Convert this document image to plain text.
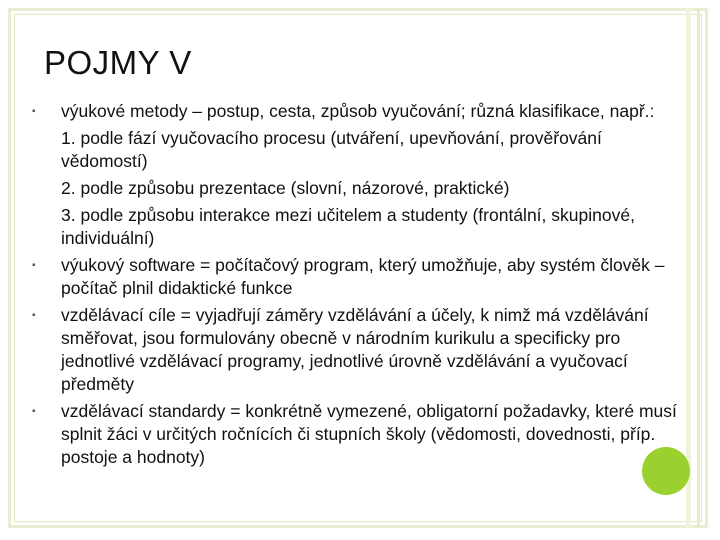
POJMY V
▪ výukové metody – postup, cesta, způsob vyučování; různá klasifikace, např.:
1. podle fází vyučovacího procesu (utváření, upevňování, prověřování vědomostí)
2. podle způsobu prezentace (slovní, názorové, praktické)
3. podle způsobu interakce mezi učitelem a studenty (frontální, skupinové, individuální)
▪ výukový software = počítačový program, který umožňuje, aby systém člověk – počítač plnil didaktické funkce
▪ vzdělávací cíle = vyjadřují záměry vzdělávání a účely, k nimž má vzdělávání směřovat, jsou formulovány obecně v národním kurikulu a specificky pro jednotlivé vzdělávací programy, jednotlivé úrovně vzdělávání a vyučovací předměty
▪ vzdělávací standardy = konkrétně vymezené, obligatorní požadavky, které musí splnit žáci v určitých ročnících či stupních školy (vědomosti, dovednosti, příp. postoje a hodnoty)
